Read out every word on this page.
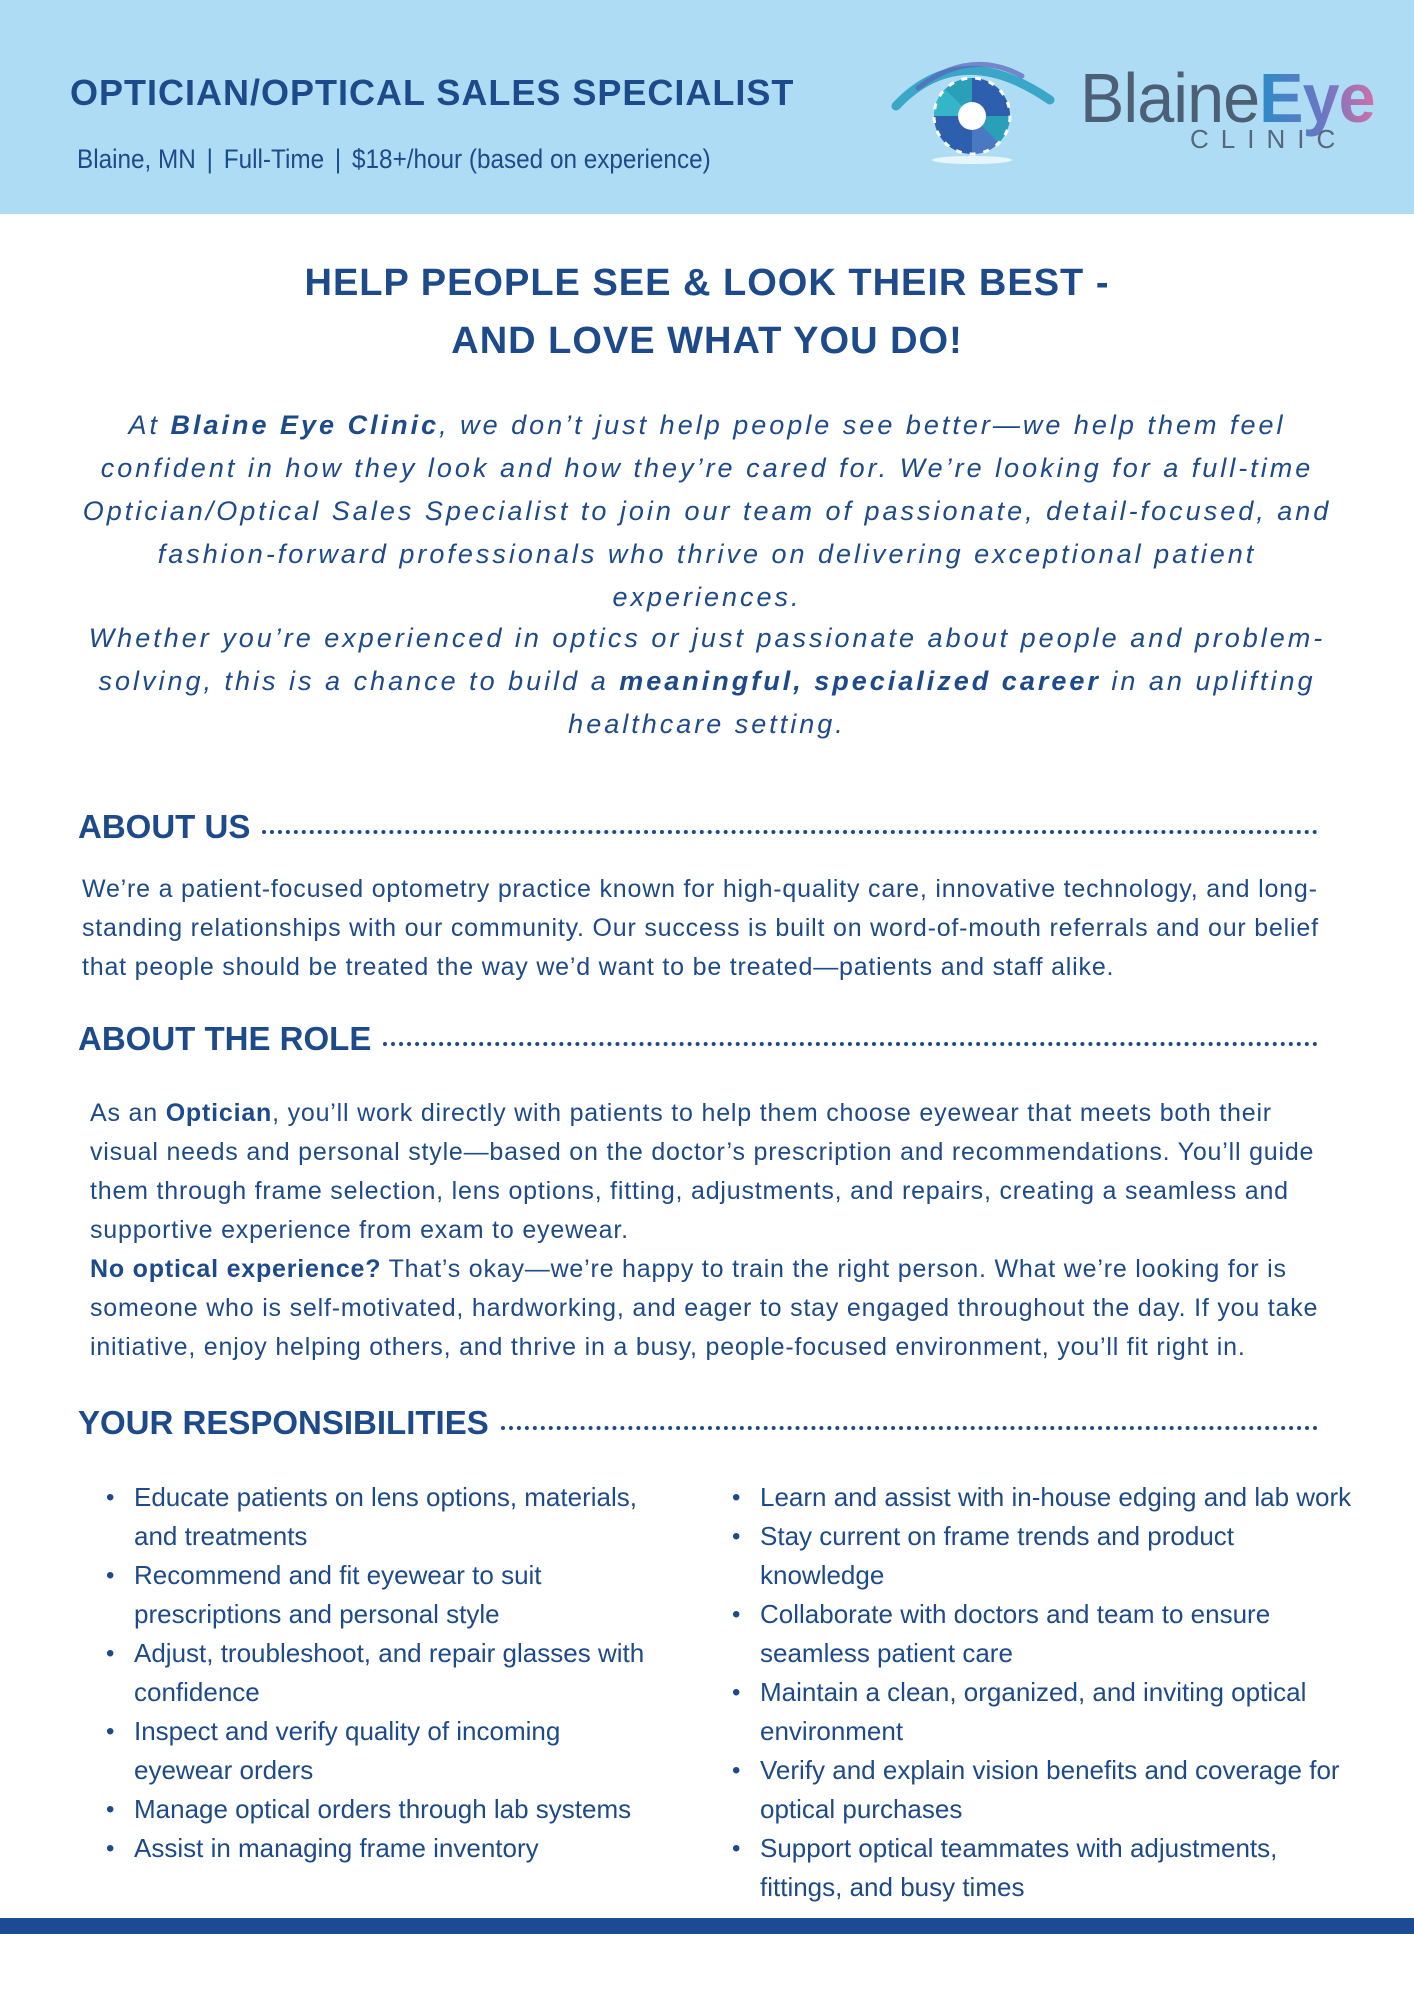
OPTICIAN/OPTICAL SALES SPECIALIST
Blaine, MN | Full-Time | $18+/hour (based on experience)
BlaineEye
CLINIC
HELP PEOPLE SEE & LOOK THEIR BEST -
AND LOVE WHAT YOU DO!
At Blaine Eye Clinic, we don’t just help people see better—we help them feel confident in how they look and how they’re cared for. We’re looking for a full-time Optician/Optical Sales Specialist to join our team of passionate, detail-focused, and fashion-forward professionals who thrive on delivering exceptional patient experiences.
Whether you’re experienced in optics or just passionate about people and problem-solving, this is a chance to build a meaningful, specialized career in an uplifting healthcare setting.
ABOUT US
We’re a patient-focused optometry practice known for high-quality care, innovative technology, and long-standing relationships with our community. Our success is built on word-of-mouth referrals and our belief that people should be treated the way we’d want to be treated—patients and staff alike.
ABOUT THE ROLE
As an Optician, you’ll work directly with patients to help them choose eyewear that meets both their visual needs and personal style—based on the doctor’s prescription and recommendations. You’ll guide them through frame selection, lens options, fitting, adjustments, and repairs, creating a seamless and supportive experience from exam to eyewear.
No optical experience? That’s okay—we’re happy to train the right person. What we’re looking for is someone who is self-motivated, hardworking, and eager to stay engaged throughout the day. If you take initiative, enjoy helping others, and thrive in a busy, people-focused environment, you’ll fit right in.
YOUR RESPONSIBILITIES
• Educate patients on lens options, materials, and treatments
• Recommend and fit eyewear to suit prescriptions and personal style
• Adjust, troubleshoot, and repair glasses with confidence
• Inspect and verify quality of incoming eyewear orders
• Manage optical orders through lab systems
• Assist in managing frame inventory
• Learn and assist with in-house edging and lab work
• Stay current on frame trends and product knowledge
• Collaborate with doctors and team to ensure seamless patient care
• Maintain a clean, organized, and inviting optical environment
• Verify and explain vision benefits and coverage for optical purchases
• Support optical teammates with adjustments, fittings, and busy times
